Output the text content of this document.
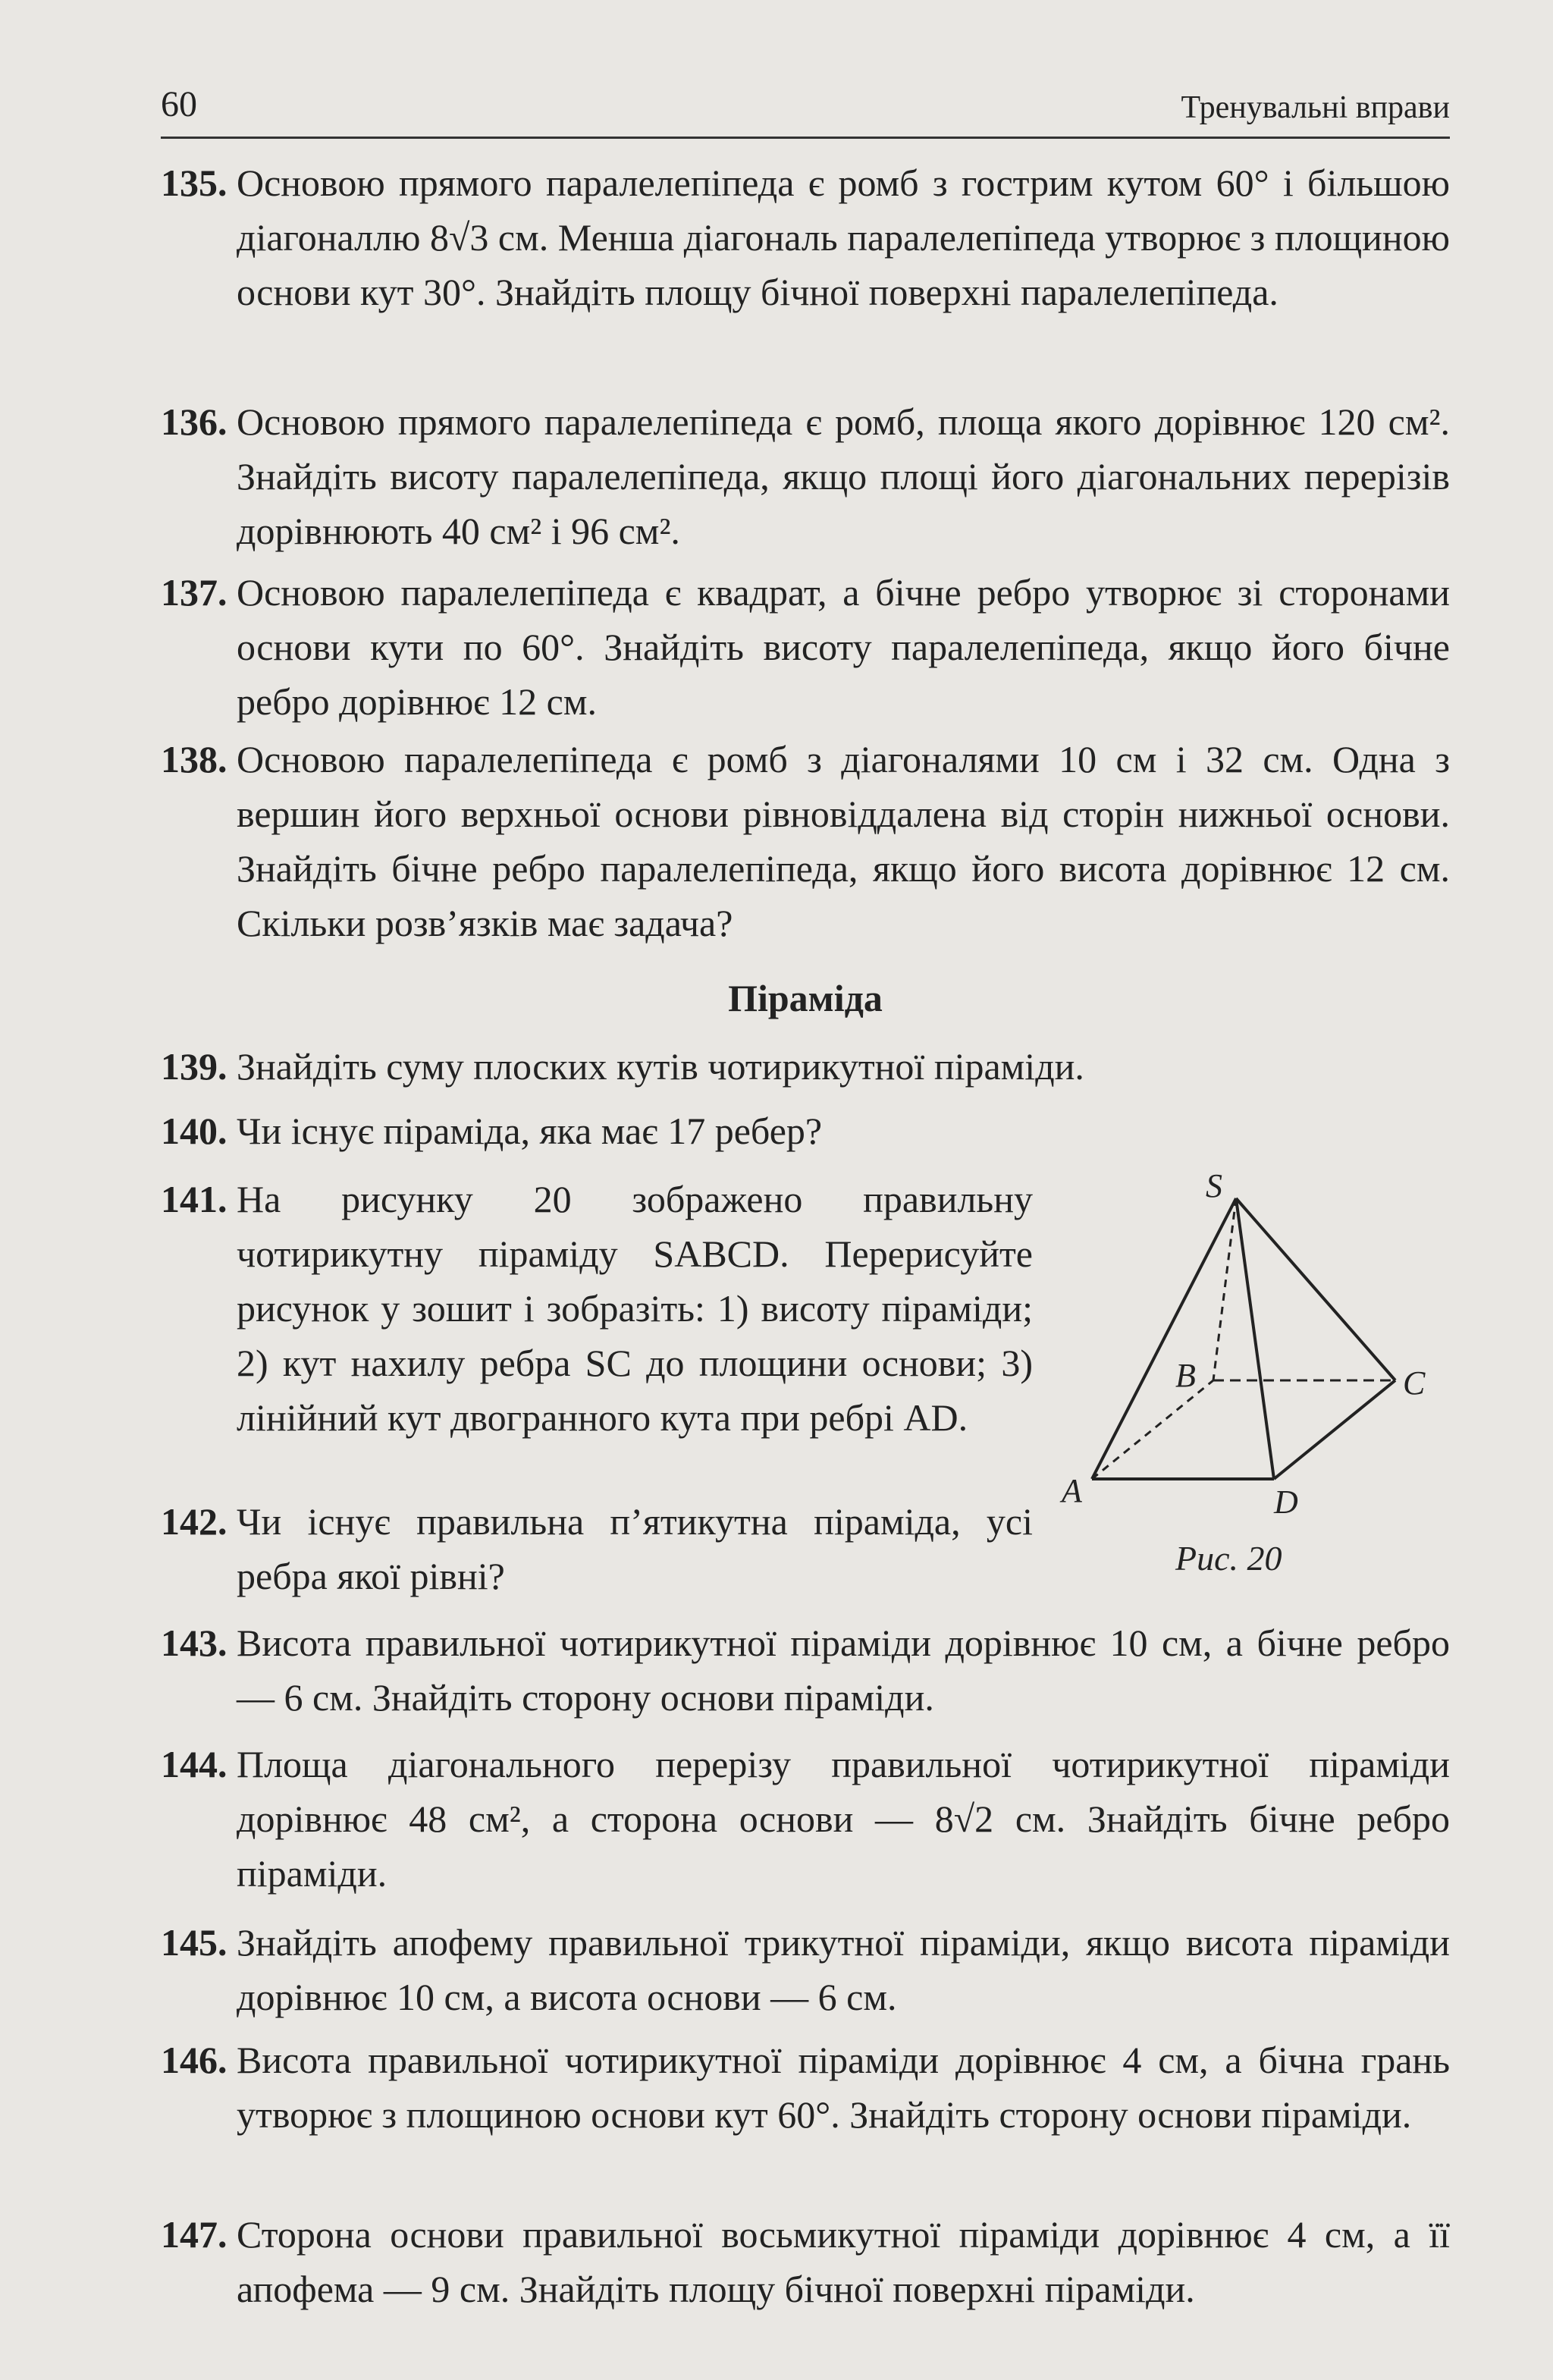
60	Тренувальні вправи
135. Основою прямого паралелепіпеда є ромб з гострим кутом 60° і більшою діагоналлю 8√3 см. Менша діагональ паралелепіпеда утворює з площиною основи кут 30°. Знайдіть площу бічної поверхні паралелепіпеда.
136. Основою прямого паралелепіпеда є ромб, площа якого дорівнює 120 см². Знайдіть висоту паралелепіпеда, якщо площі його діагональних перерізів дорівнюють 40 см² і 96 см².
137. Основою паралелепіпеда є квадрат, а бічне ребро утворює зі сторонами основи кути по 60°. Знайдіть висоту паралелепіпеда, якщо його бічне ребро дорівнює 12 см.
138. Основою паралелепіпеда є ромб з діагоналями 10 см і 32 см. Одна з вершин його верхньої основи рівновіддалена від сторін нижньої основи. Знайдіть бічне ребро паралелепіпеда, якщо його висота дорівнює 12 см. Скільки розв’язків має задача?
Піраміда
139. Знайдіть суму плоских кутів чотирикутної піраміди.
140. Чи існує піраміда, яка має 17 ребер?
141. На рисунку 20 зображено правильну чотирикутну піраміду SABCD. Перерисуйте рисунок у зошит і зобразіть: 1) висоту піраміди; 2) кут нахилу ребра SC до площини основи; 3) лінійний кут двогранного кута при ребрі AD.
142. Чи існує правильна п’ятикутна піраміда, усі ребра якої рівні?
143. Висота правильної чотирикутної піраміди дорівнює 10 см, а бічне ребро — 6 см. Знайдіть сторону основи піраміди.
144. Площа діагонального перерізу правильної чотирикутної піраміди дорівнює 48 см², а сторона основи — 8√2 см. Знайдіть бічне ребро піраміди.
145. Знайдіть апофему правильної трикутної піраміди, якщо висота піраміди дорівнює 10 см, а висота основи — 6 см.
146. Висота правильної чотирикутної піраміди дорівнює 4 см, а бічна грань утворює з площиною основи кут 60°. Знайдіть сторону основи піраміди.
147. Сторона основи правильної восьмикутної піраміди дорівнює 4 см, а її апофема — 9 см. Знайдіть площу бічної поверхні піраміди.
S
B	C
A	D
Рис. 20
